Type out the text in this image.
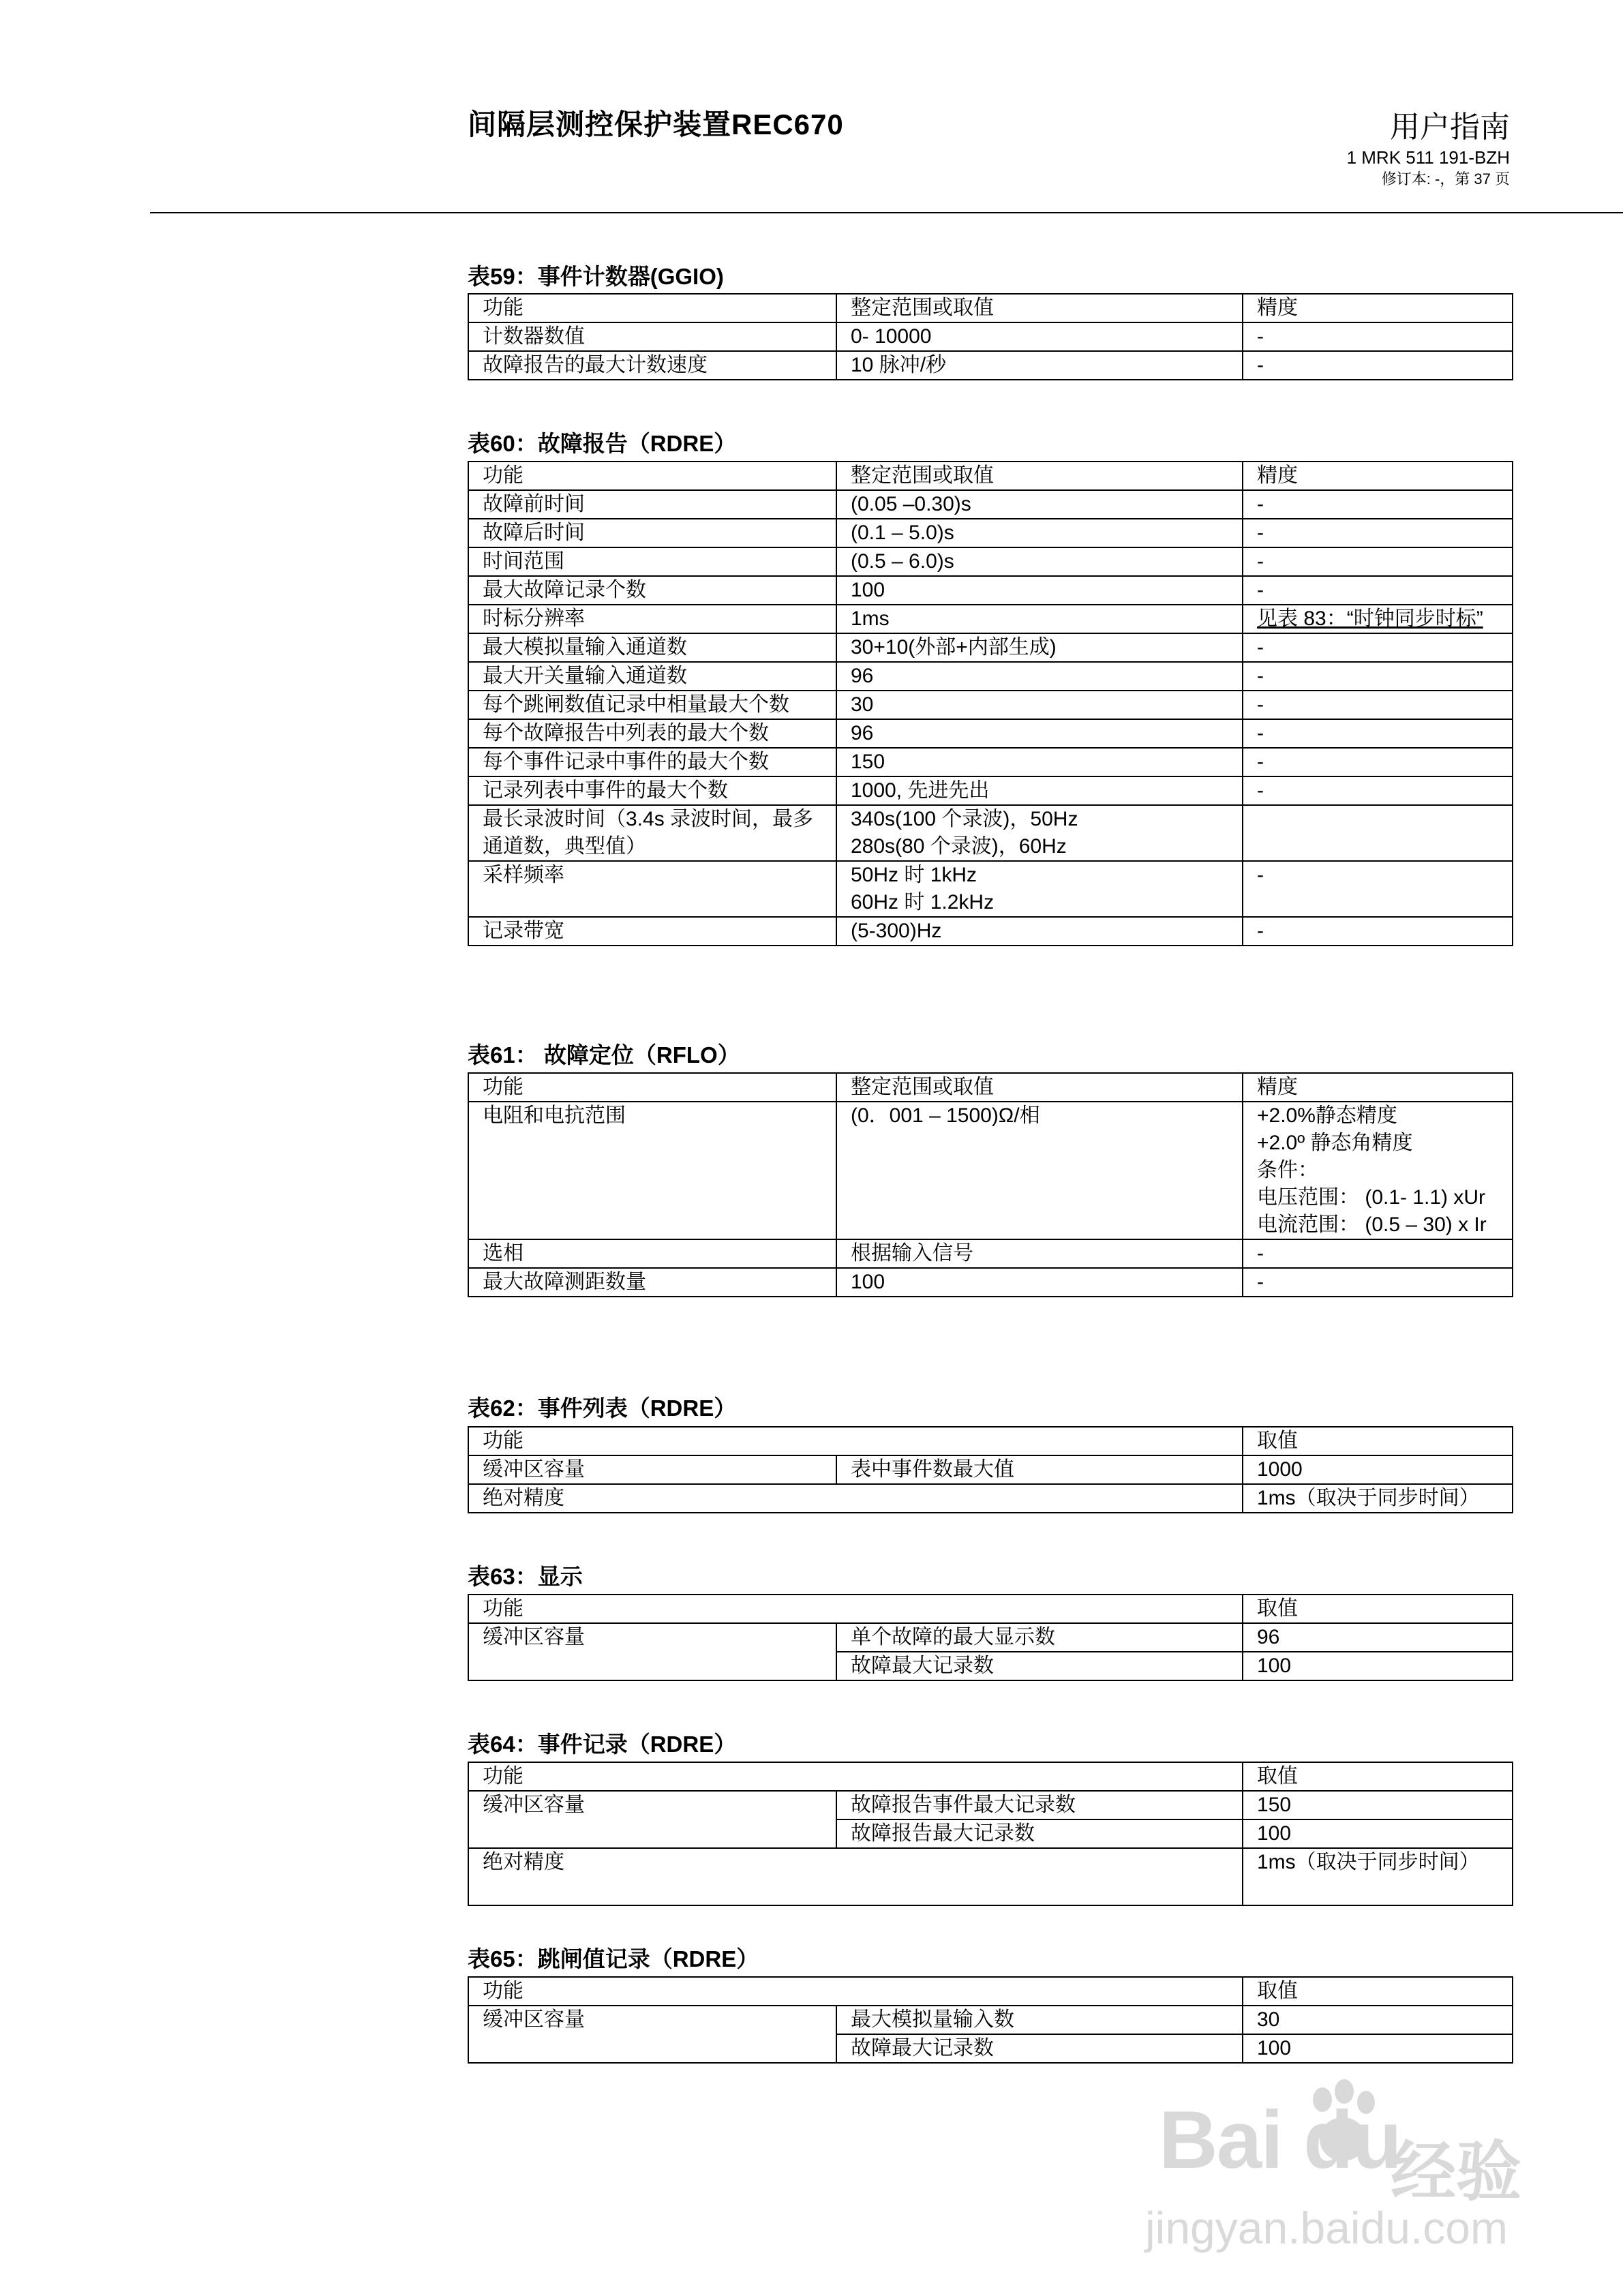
间隔层测控保护装置REC670	用户指南
1 MRK 511 191-BZH
修订本: -，第 37 页
表59：事件计数器(GGIO)
功能	整定范围或取值	精度
计数器数值	0- 10000	-
故障报告的最大计数速度	10 脉冲/秒	-
表60：故障报告（RDRE）
功能	整定范围或取值	精度
故障前时间	(0.05 –0.30)s	-
故障后时间	(0.1 – 5.0)s	-
时间范围	(0.5 – 6.0)s	-
最大故障记录个数	100	-
时标分辨率	1ms	见表 83：“时钟同步时标”
最大模拟量输入通道数	30+10(外部+内部生成)	-
最大开关量输入通道数	96	-
每个跳闸数值记录中相量最大个数	30	-
每个故障报告中列表的最大个数	96	-
每个事件记录中事件的最大个数	150	-
记录列表中事件的最大个数	1000, 先进先出	-
最长录波时间（3.4s 录波时间，最多通道数，典型值）	340s(100 个录波)，50Hz
280s(80 个录波)，60Hz	
采样频率	50Hz 时 1kHz
60Hz 时 1.2kHz	-
记录带宽	(5-300)Hz	-
表61： 故障定位（RFLO）
功能	整定范围或取值	精度
电阻和电抗范围	(0．001 – 1500)Ω/相	+2.0%静态精度
+2.0º 静态角精度
条件：
电压范围： (0.1- 1.1) xUr
电流范围： (0.5 – 30) x Ir
选相	根据输入信号	-
最大故障测距数量	100	-
表62：事件列表（RDRE）
功能		取值
缓冲区容量	表中事件数最大值	1000
绝对精度		1ms（取决于同步时间）
表63：显示
功能		取值
缓冲区容量	单个故障的最大显示数	96
	故障最大记录数	100
表64：事件记录（RDRE）
功能		取值
缓冲区容量	故障报告事件最大记录数	150
	故障报告最大记录数	100
绝对精度		1ms（取决于同步时间）
表65：跳闸值记录（RDRE）
功能		取值
缓冲区容量	最大模拟量输入数	30
	故障最大记录数	100
Bai du
经验
jingyan.baidu.com
